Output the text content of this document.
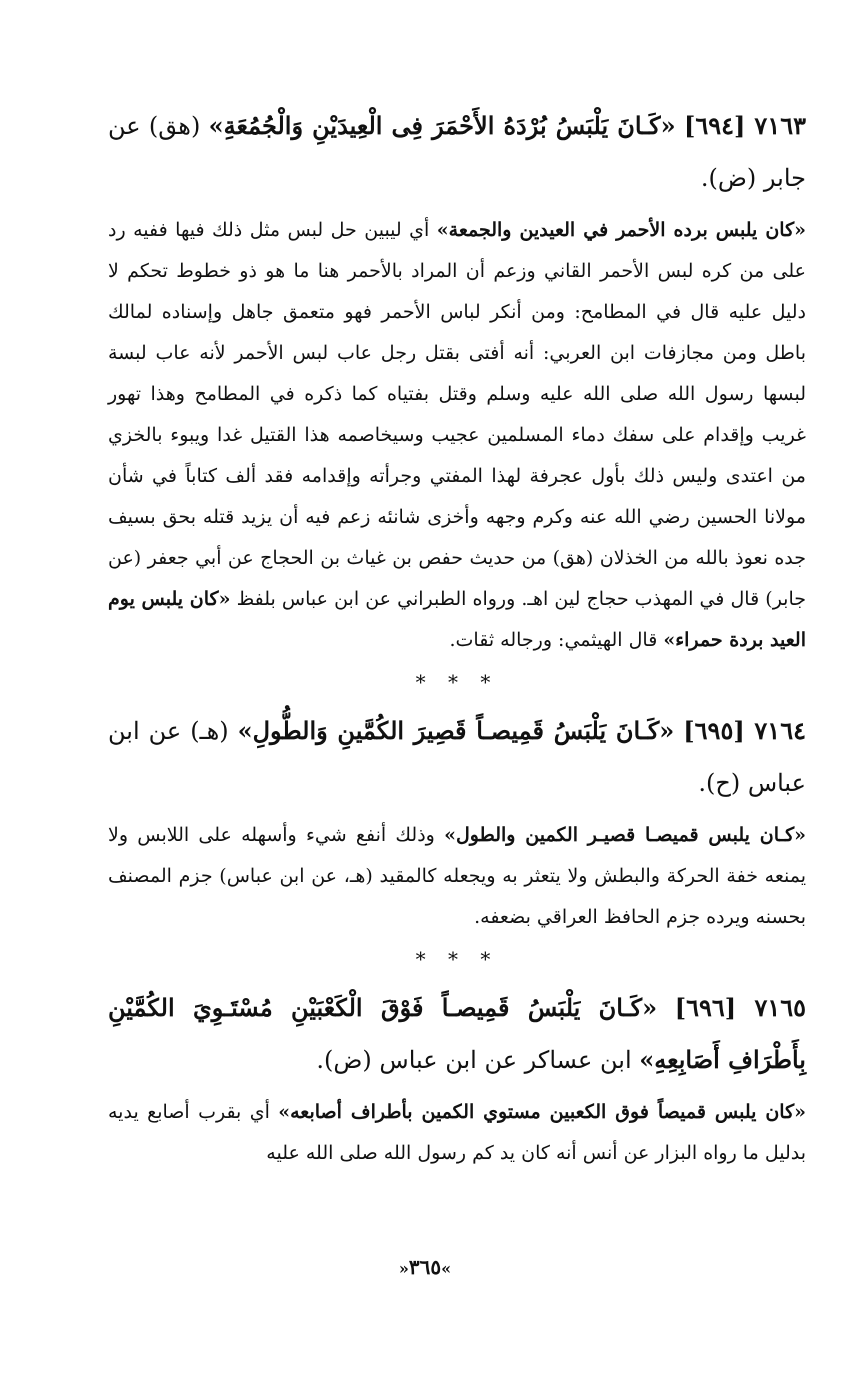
٧١٦٣ [٦٩٤] «كَـانَ يَلْبَسُ بُرْدَهُ الأَحْمَرَ فِى الْعِيدَيْنِ وَالْجُمُعَةِ» (هق) عن جابر (ض).

«كان يلبس برده الأحمر في العيدين والجمعة» أي ليبين حل لبس مثل ذلك فيها ففيه رد على من كره لبس الأحمر القاني وزعم أن المراد بالأحمر هنا ما هو ذو خطوط تحكم لا دليل عليه قال في المطامح: ومن أنكر لباس الأحمر فهو متعمق جاهل وإسناده لمالك باطل ومن مجازفات ابن العربي: أنه أفتى بقتل رجل عاب لبس الأحمر لأنه عاب لبسة لبسها رسول الله صلى الله عليه وسلم وقتل بفتياه كما ذكره في المطامح وهذا تهور غريب وإقدام على سفك دماء المسلمين عجيب وسيخاصمه هذا القتيل غدا ويبوء بالخزي من اعتدى وليس ذلك بأول عجرفة لهذا المفتي وجرأته وإقدامه فقد ألف كتاباً في شأن مولانا الحسين رضي الله عنه وكرم وجهه وأخزى شانئه زعم فيه أن يزيد قتله بحق بسيف جده نعوذ بالله من الخذلان (هق) من حديث حفص بن غياث بن الحجاج عن أبي جعفر (عن جابر) قال في المهذب حجاج لين اهـ. ورواه الطبراني عن ابن عباس بلفظ «كان يلبس يوم العيد بردة حمراء» قال الهيثمي: ورجاله ثقات.

* * *

٧١٦٤ [٦٩٥] «كَـانَ يَلْبَسُ قَمِيصـاً قَصِيرَ الكُمَّينِ وَالطُّولِ» (هـ) عن ابن عباس (ح).

«كـان يلبس قميصـا قصيـر الكمين والطول» وذلك أنفع شيء وأسهله على اللابس ولا يمنعه خفة الحركة والبطش ولا يتعثر به ويجعله كالمقيد (هـ، عن ابن عباس) جزم المصنف بحسنه ويرده جزم الحافظ العراقي بضعفه.

* * *

٧١٦٥ [٦٩٦] «كَـانَ يَلْبَسُ قَمِيصـاً فَوْقَ الْكَعْبَيْنِ مُسْتَـوِيَ الكُمَّيْنِ بِأَطْرَافِ أَصَابِعِهِ» ابن عساكر عن ابن عباس (ض).

«كان يلبس قميصاً فوق الكعبين مستوي الكمين بأطراف أصابعه» أي بقرب أصابع يديه بدليل ما رواه البزار عن أنس أنه كان يد كم رسول الله صلى الله عليه

»٣٦٥«
